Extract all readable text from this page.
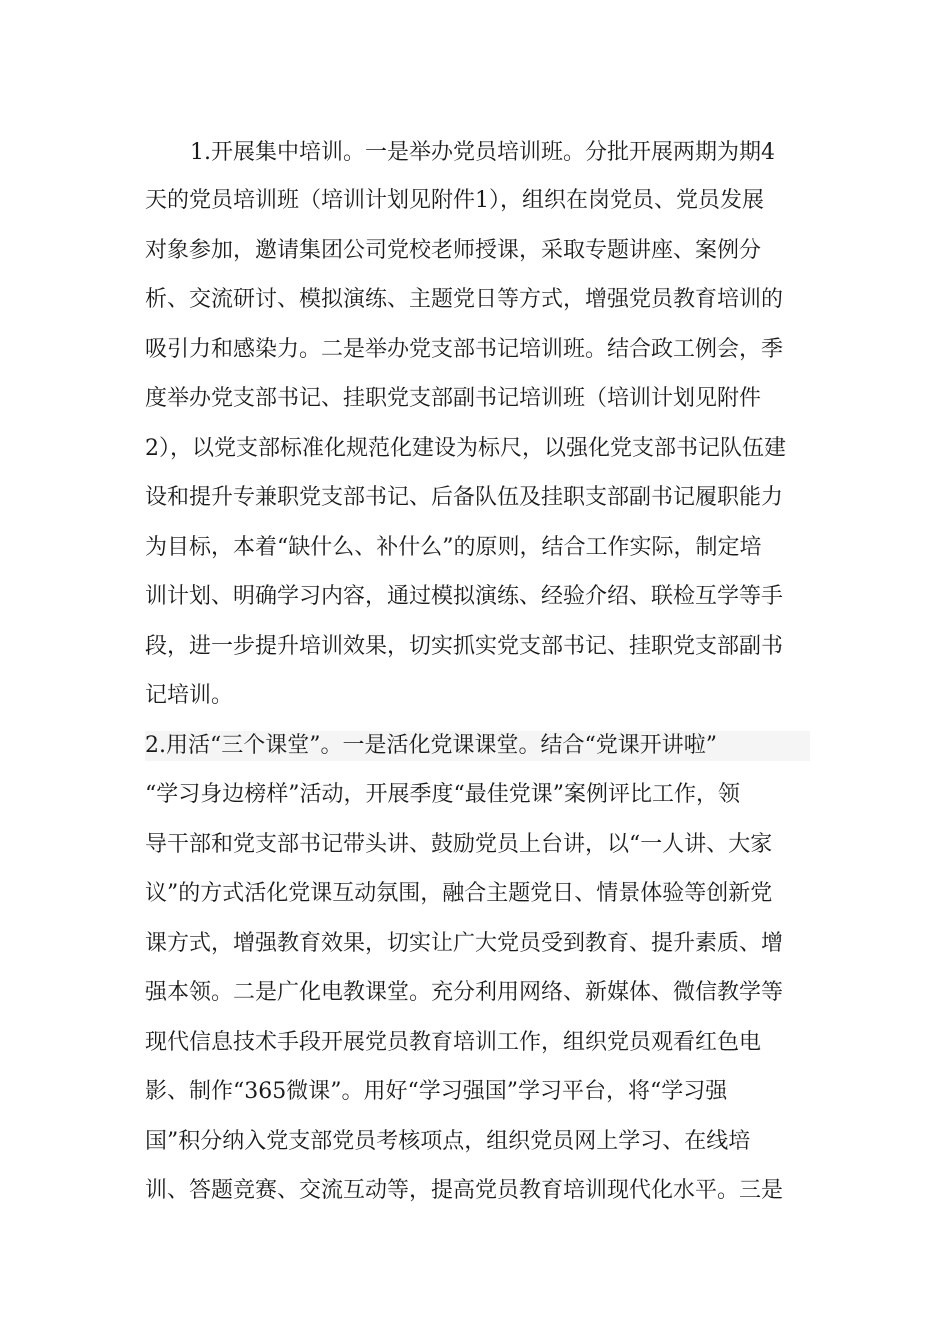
1.开展集中培训。一是举办党员培训班。分批开展两期为期4
天的党员培训班（培训计划见附件1），组织在岗党员、党员发展
对象参加，邀请集团公司党校老师授课，采取专题讲座、案例分
析、交流研讨、模拟演练、主题党日等方式，增强党员教育培训的
吸引力和感染力。二是举办党支部书记培训班。结合政工例会，季
度举办党支部书记、挂职党支部副书记培训班（培训计划见附件
2），以党支部标准化规范化建设为标尺，以强化党支部书记队伍建
设和提升专兼职党支部书记、后备队伍及挂职支部副书记履职能力
为目标，本着“缺什么、补什么”的原则，结合工作实际，制定培
训计划、明确学习内容，通过模拟演练、经验介绍、联检互学等手
段，进一步提升培训效果，切实抓实党支部书记、挂职党支部副书
记培训。
2.用活“三个课堂”。一是活化党课课堂。结合“党课开讲啦”
“学习身边榜样”活动，开展季度“最佳党课”案例评比工作，领
导干部和党支部书记带头讲、鼓励党员上台讲，以“一人讲、大家
议”的方式活化党课互动氛围，融合主题党日、情景体验等创新党
课方式，增强教育效果，切实让广大党员受到教育、提升素质、增
强本领。二是广化电教课堂。充分利用网络、新媒体、微信教学等
现代信息技术手段开展党员教育培训工作，组织党员观看红色电
影、制作“365微课”。用好“学习强国”学习平台，将“学习强
国”积分纳入党支部党员考核项点，组织党员网上学习、在线培
训、答题竞赛、交流互动等，提高党员教育培训现代化水平。三是
